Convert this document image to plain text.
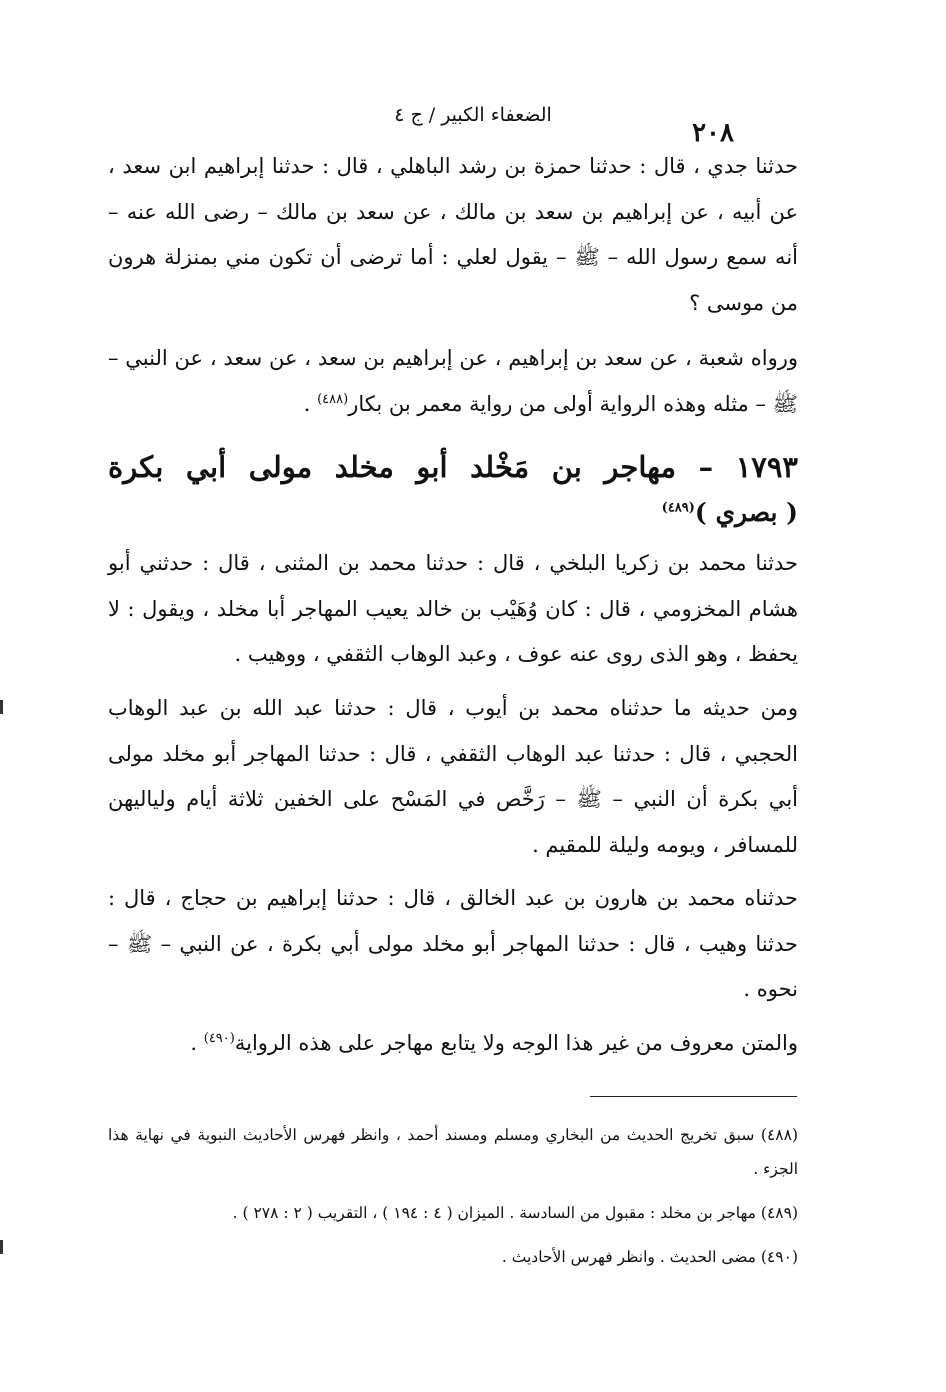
الضعفاء الكبير / ج ٤
٢٠٨

حدثنا جدي ، قال : حدثنا حمزة بن رشد الباهلي ، قال : حدثنا إبراهيم ابن سعد ، عن أبيه ، عن إبراهيم بن سعد بن مالك ، عن سعد بن مالك – رضى الله عنه – أنه سمع رسول الله – ﷺ – يقول لعلي : أما ترضى أن تكون مني بمنزلة هرون من موسى ؟

ورواه شعبة ، عن سعد بن إبراهيم ، عن إبراهيم بن سعد ، عن سعد ، عن النبي – ﷺ – مثله وهذه الرواية أولى من رواية معمر بن بكار$^{(٤٨٨)}$ .

١٧٩٣ – مهاجر بن مَخْلد أبو مخلد مولى أبي بكرة
( بصري )$^{(٤٨٩)}$

حدثنا محمد بن زكريا البلخي ، قال : حدثنا محمد بن المثنى ، قال : حدثني أبو هشام المخزومي ، قال : كان وُهَيْب بن خالد يعيب المهاجر أبا مخلد ، ويقول : لا يحفظ ، وهو الذى روى عنه عوف ، وعبد الوهاب الثقفي ، ووهيب .

ومن حديثه ما حدثناه محمد بن أيوب ، قال : حدثنا عبد الله بن عبد الوهاب الحجبي ، قال : حدثنا عبد الوهاب الثقفي ، قال : حدثنا المهاجر أبو مخلد مولى أبي بكرة أن النبي – ﷺ – رَخَّص في المَسْح على الخفين ثلاثة أيام ولياليهن للمسافر ، ويومه وليلة للمقيم .

حدثناه محمد بن هارون بن عبد الخالق ، قال : حدثنا إبراهيم بن حجاج ، قال : حدثنا وهيب ، قال : حدثنا المهاجر أبو مخلد مولى أبي بكرة ، عن النبي – ﷺ – نحوه .

والمتن معروف من غير هذا الوجه ولا يتابع مهاجر على هذه الرواية$^{(٤٩٠)}$ .

(٤٨٨) سبق تخريج الحديث من البخاري ومسلم ومسند أحمد ، وانظر فهرس الأحاديث النبوية في نهاية هذا الجزء .

(٤٨٩) مهاجر بن مخلد : مقبول من السادسة . الميزان ( ٤ : ١٩٤ ) ، التقريب ( ٢ : ٢٧٨ ) .

(٤٩٠) مضى الحديث . وانظر فهرس الأحاديث .
